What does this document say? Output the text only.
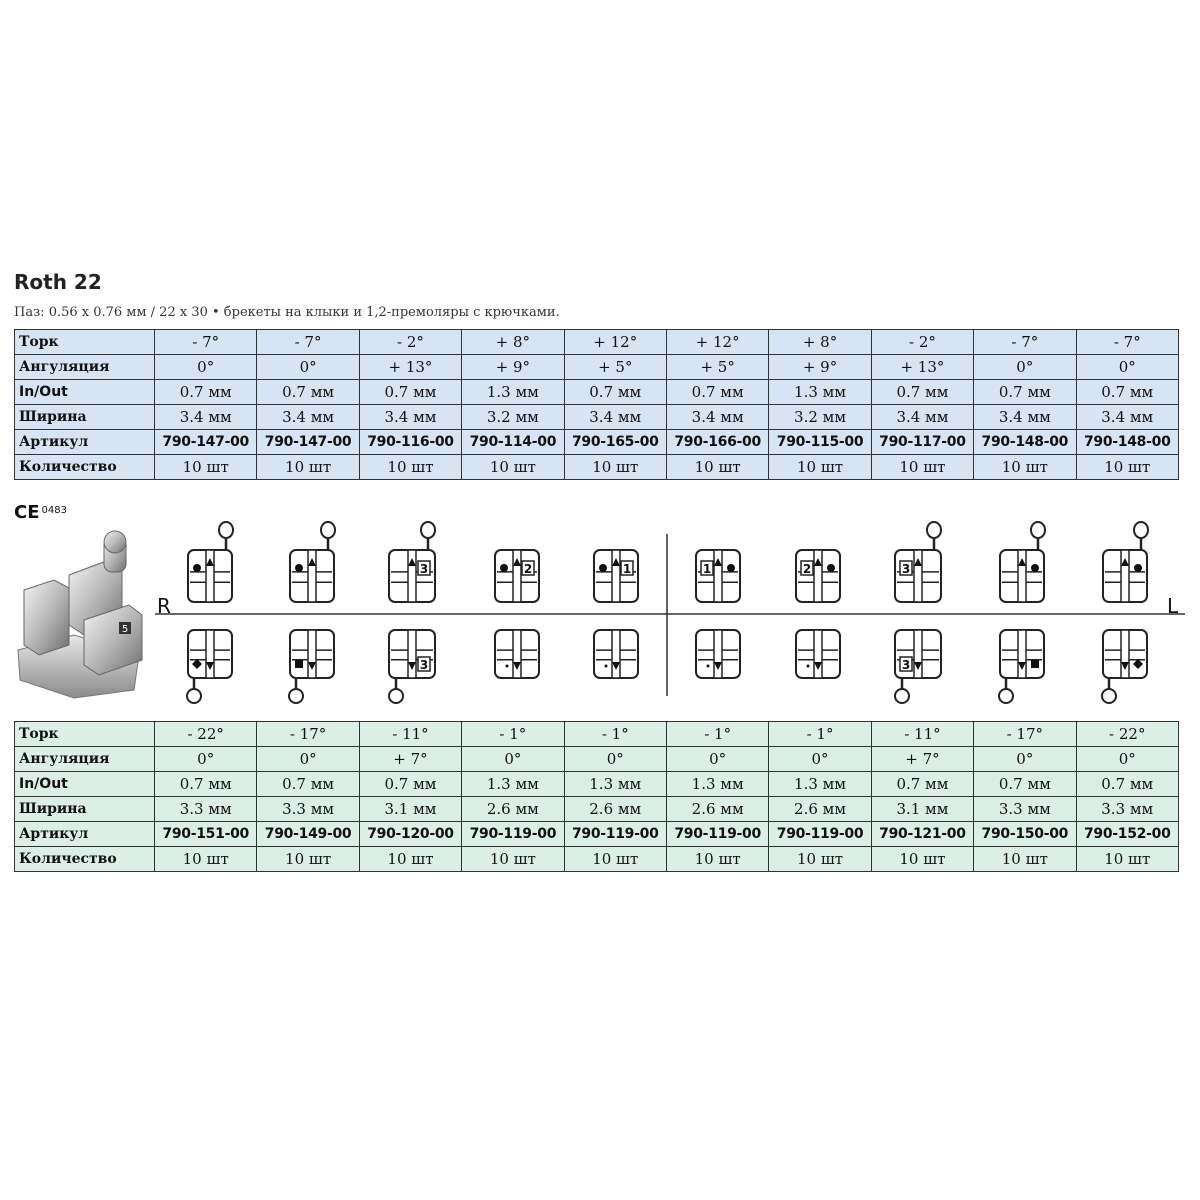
Roth 22
Паз: 0.56 х 0.76 мм / 22 x 30 • брекеты на клыки и 1,2-премоляры с крючками.
Торк	- 7°	- 7°	- 2°	+ 8°	+ 12°	+ 12°	+ 8°	- 2°	- 7°	- 7°
Ангуляция	0°	0°	+ 13°	+ 9°	+ 5°	+ 5°	+ 9°	+ 13°	0°	0°
In/Out	0.7 мм	0.7 мм	0.7 мм	1.3 мм	0.7 мм	0.7 мм	1.3 мм	0.7 мм	0.7 мм	0.7 мм
Ширина	3.4 мм	3.4 мм	3.4 мм	3.2 мм	3.4 мм	3.4 мм	3.2 мм	3.4 мм	3.4 мм	3.4 мм
Артикул	790-147-00	790-147-00	790-116-00	790-114-00	790-165-00	790-166-00	790-115-00	790-117-00	790-148-00	790-148-00
Количество	10 шт	10 шт	10 шт	10 шт	10 шт	10 шт	10 шт	10 шт	10 шт	10 шт
CE $^{0483}$
5
R	L
3	2	1	1	2	3
3	3
Торк	- 22°	- 17°	- 11°	- 1°	- 1°	- 1°	- 1°	- 11°	- 17°	- 22°
Ангуляция	0°	0°	+ 7°	0°	0°	0°	0°	+ 7°	0°	0°
In/Out	0.7 мм	0.7 мм	0.7 мм	1.3 мм	1.3 мм	1.3 мм	1.3 мм	0.7 мм	0.7 мм	0.7 мм
Ширина	3.3 мм	3.3 мм	3.1 мм	2.6 мм	2.6 мм	2.6 мм	2.6 мм	3.1 мм	3.3 мм	3.3 мм
Артикул	790-151-00	790-149-00	790-120-00	790-119-00	790-119-00	790-119-00	790-119-00	790-121-00	790-150-00	790-152-00
Количество	10 шт	10 шт	10 шт	10 шт	10 шт	10 шт	10 шт	10 шт	10 шт	10 шт
